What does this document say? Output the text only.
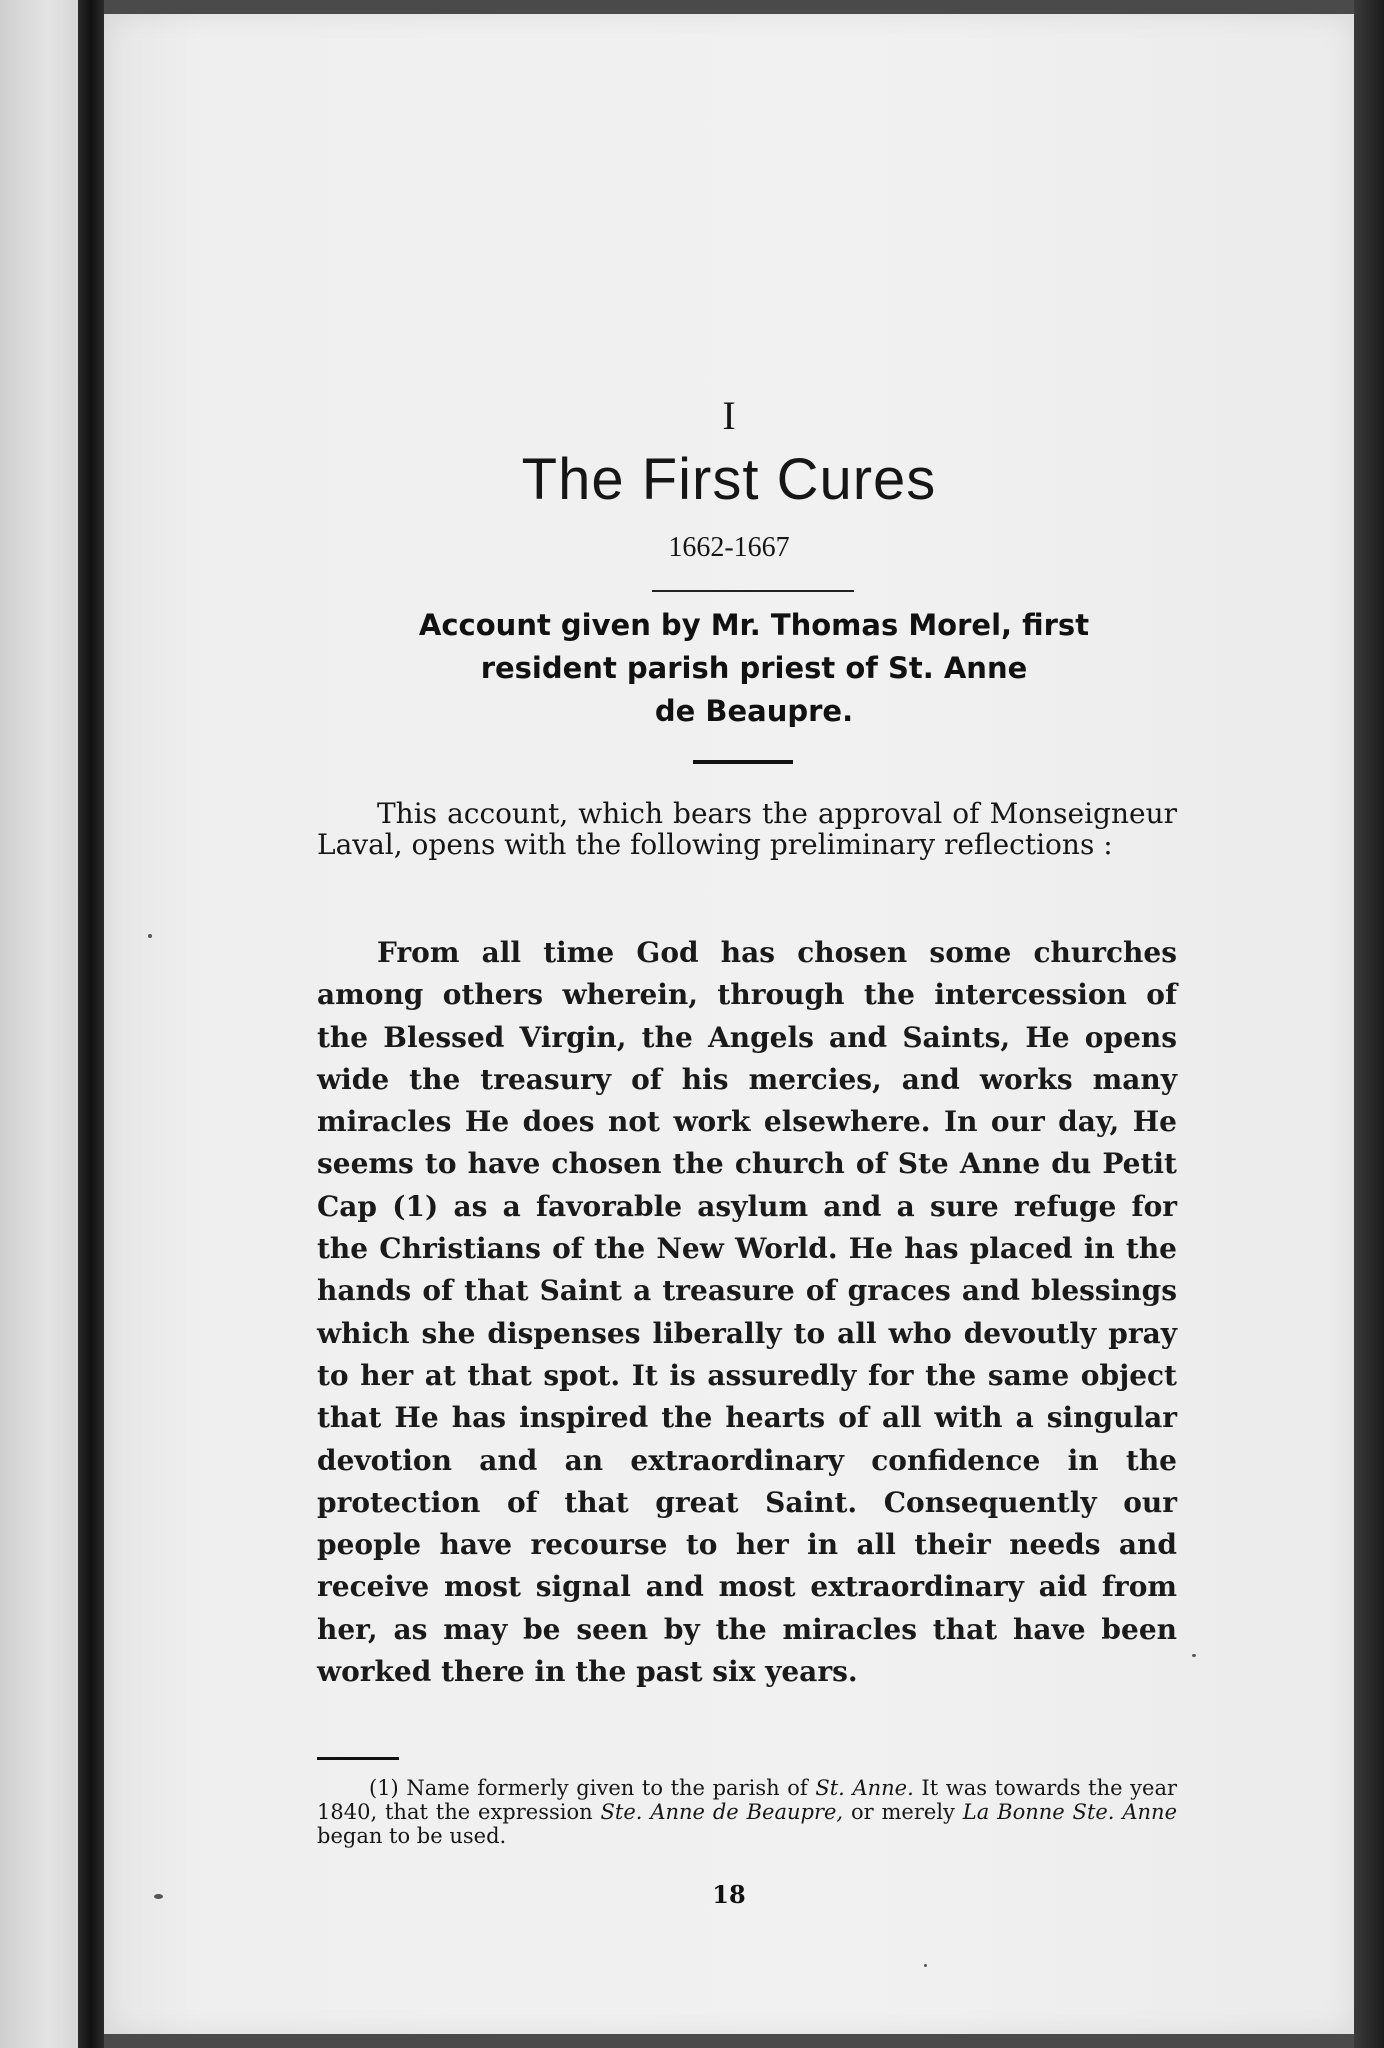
I
The First Cures
1662-1667
Account given by Mr. Thomas Morel, first
resident parish priest of St. Anne
de Beaupre.

This account, which bears the approval of Monseigneur Laval, opens with the following preliminary reflections :

From all time God has chosen some churches among others wherein, through the intercession of the Blessed Virgin, the Angels and Saints, He opens wide the treasury of his mercies, and works many miracles He does not work elsewhere. In our day, He seems to have chosen the church of Ste Anne du Petit Cap (1) as a favorable asylum and a sure refuge for the Christians of the New World. He has placed in the hands of that Saint a treasure of graces and blessings which she dispenses liberally to all who devoutly pray to her at that spot. It is assuredly for the same object that He has inspired the hearts of all with a singular devotion and an extraordinary confidence in the protection of that great Saint. Consequently our people have recourse to her in all their needs and receive most signal and most extraordinary aid from her, as may be seen by the miracles that have been worked there in the past six years.

(1) Name formerly given to the parish of St. Anne. It was towards the year 1840, that the expression Ste. Anne de Beaupre, or merely La Bonne Ste. Anne began to be used.

18
